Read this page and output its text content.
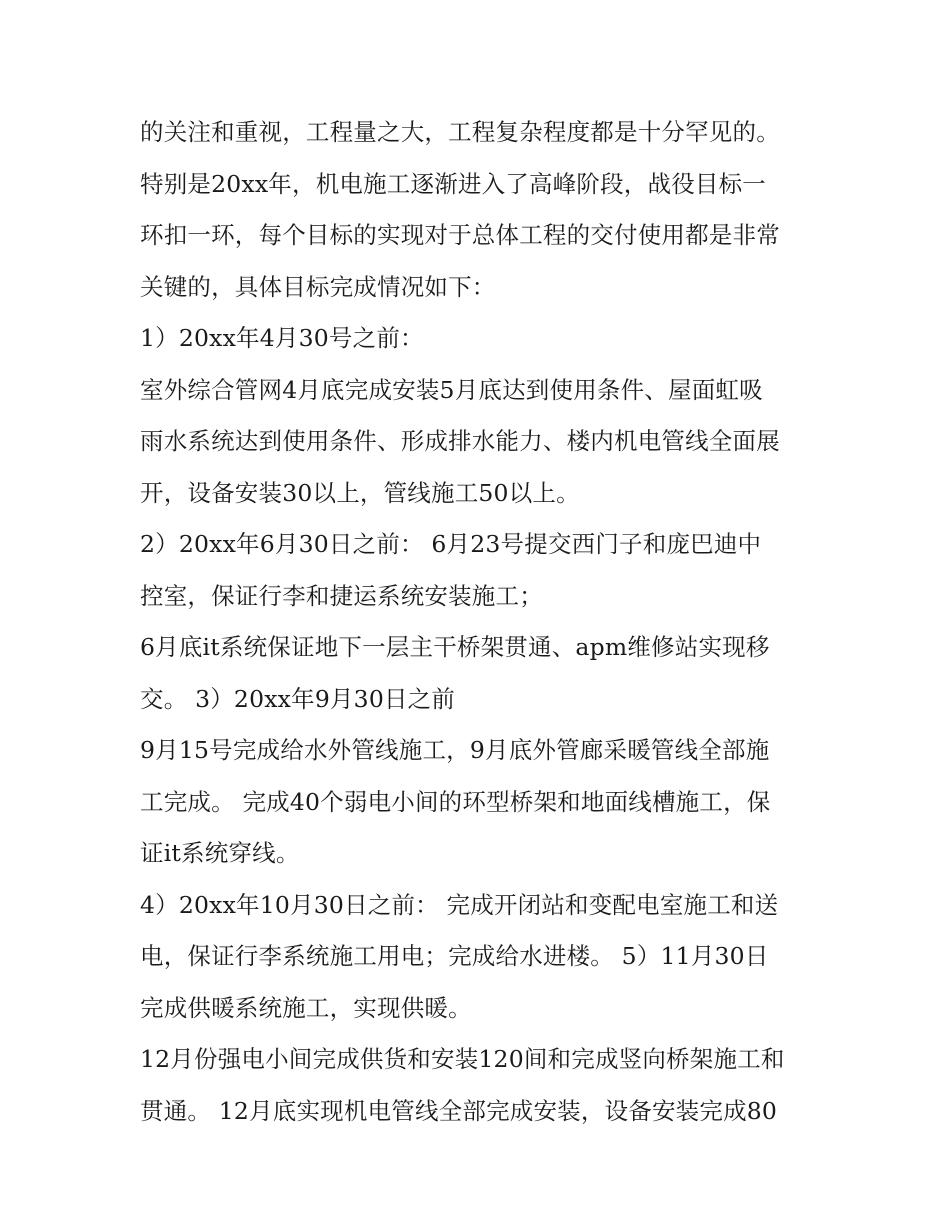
的关注和重视，工程量之大，工程复杂程度都是十分罕见的。

特别是20xx年，机电施工逐渐进入了高峰阶段，战役目标一

环扣一环，每个目标的实现对于总体工程的交付使用都是非常

关键的，具体目标完成情况如下：

1）20xx年4月30号之前：

室外综合管网4月底完成安装5月底达到使用条件、屋面虹吸

雨水系统达到使用条件、形成排水能力、楼内机电管线全面展

开，设备安装30以上，管线施工50以上。

2）20xx年6月30日之前： 6月23号提交西门子和庞巴迪中

控室，保证行李和捷运系统安装施工；

6月底it系统保证地下一层主干桥架贯通、apm维修站实现移

交。 3）20xx年9月30日之前

9月15号完成给水外管线施工，9月底外管廊采暖管线全部施

工完成。 完成40个弱电小间的环型桥架和地面线槽施工，保

证it系统穿线。

4）20xx年10月30日之前： 完成开闭站和变配电室施工和送

电，保证行李系统施工用电；完成给水进楼。 5）11月30日

完成供暖系统施工，实现供暖。

12月份强电小间完成供货和安装120间和完成竖向桥架施工和

贯通。 12月底实现机电管线全部完成安装，设备安装完成80
